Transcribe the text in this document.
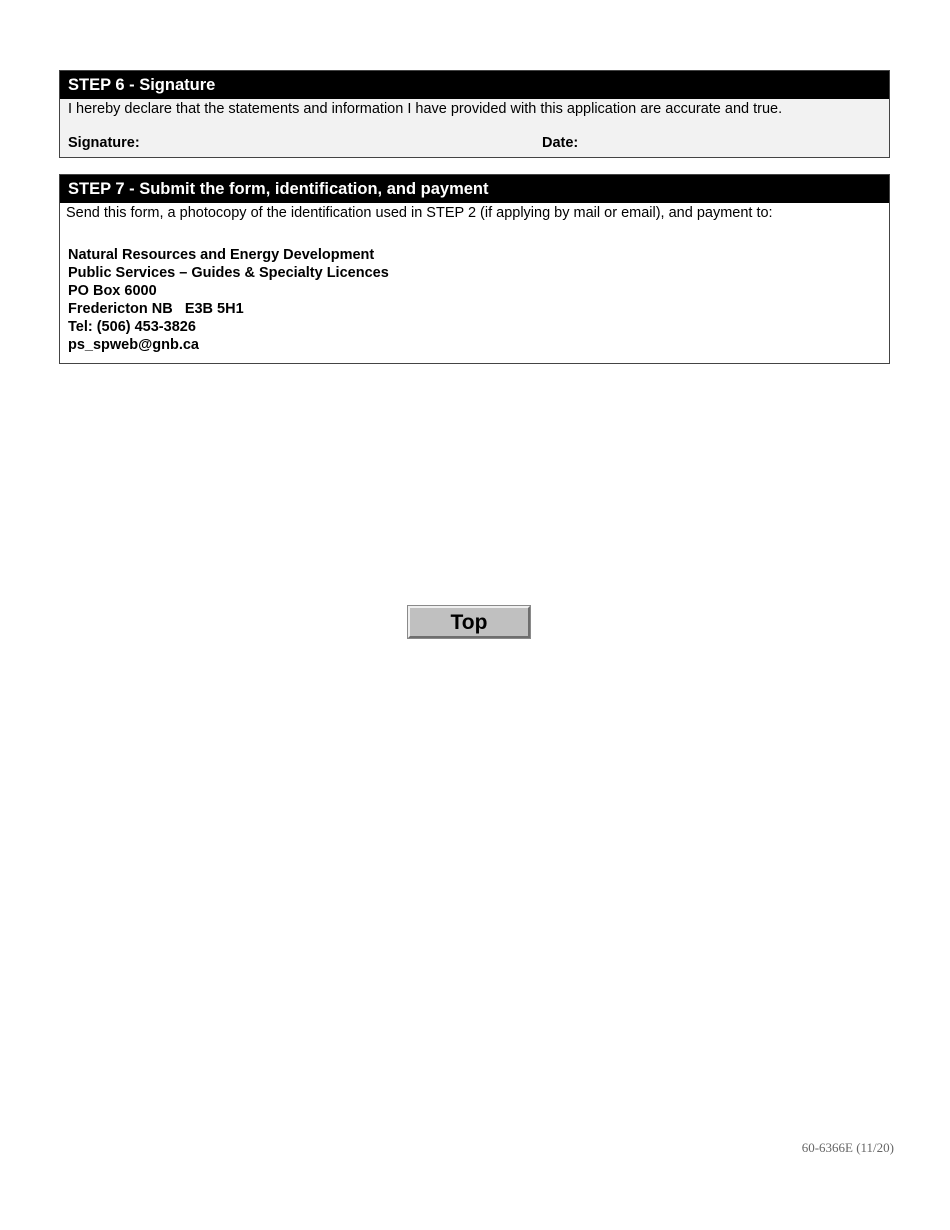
STEP 6 - Signature
I hereby declare that the statements and information I have provided with this application are accurate and true.
Signature:	Date:
STEP 7 - Submit the form, identification, and payment
Send this form, a photocopy of the identification used in STEP 2 (if applying by mail or email), and payment to:
Natural Resources and Energy Development
Public Services – Guides & Specialty Licences
PO Box 6000
Fredericton NB   E3B 5H1
Tel: (506) 453-3826
ps_spweb@gnb.ca
Top
60-6366E (11/20)
